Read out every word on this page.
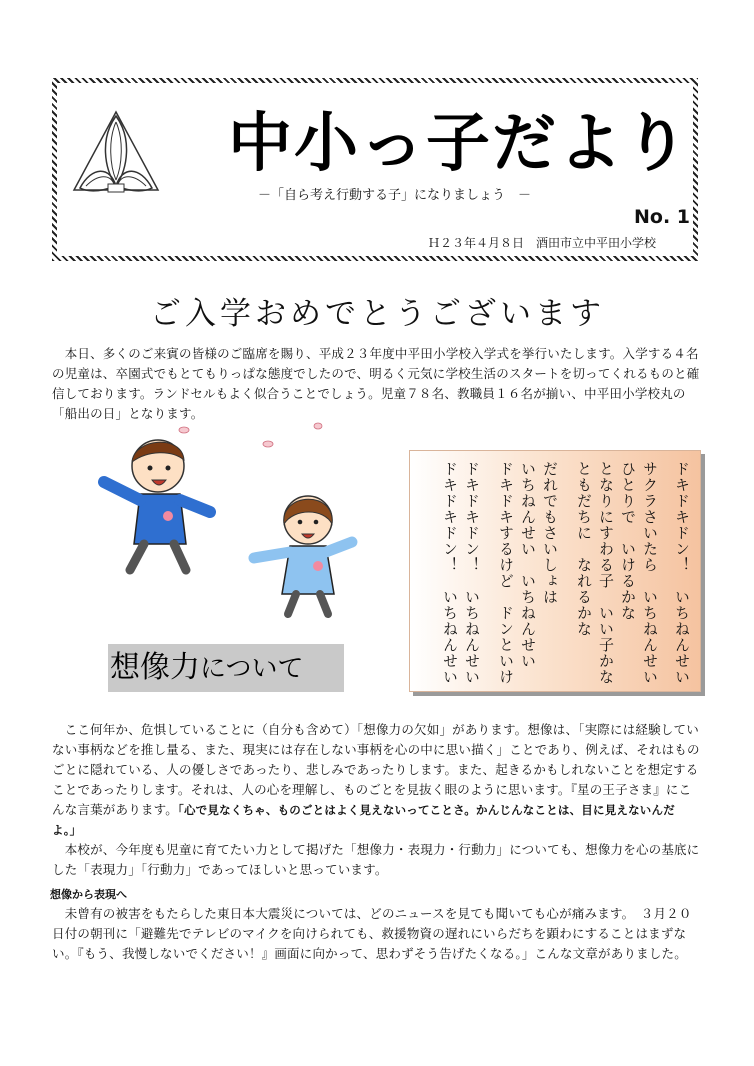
中小っ子だより
－「自ら考え行動する子」になりましょう　－
No. 1
Ｈ２３年４月８日　酒田市立中平田小学校
ご入学おめでとうございます
　本日、多くのご来賓の皆様のご臨席を賜り、平成２３年度中平田小学校入学式を挙行いたします。入学する４名の児童は、卒園式でもとてもりっぱな態度でしたので、明るく元気に学校生活のスタートを切ってくれるものと確信しております。ランドセルもよく似合うことでしょう。児童７８名、教職員１６名が揃い、中平田小学校丸の「船出の日」となります。
想像力について	ドキドキドン！　いちねんせい
サクラさいたら　いちねんせい
ひとりで　いけるかな
となりにすわる子　いい子かな
ともだちに　なれるかな
だれでもさいしょは
いちねんせい　いちねんせい
ドキドキするけど　ドンといけ
ドキドキドン！　いちねんせい
ドキドキドン！　いちねんせい
　ここ何年か、危惧していることに（自分も含めて）「想像力の欠如」があります。想像は、「実際には経験していない事柄などを推し量る、また、現実には存在しない事柄を心の中に思い描く」ことであり、例えば、それはものごとに隠れている、人の優しさであったり、悲しみであったりします。また、起きるかもしれないことを想定することであったりします。それは、人の心を理解し、ものごとを見抜く眼のように思います。『星の王子さま』にこんな言葉があります。「心で見なくちゃ、ものごとはよく見えないってことさ。かんじんなことは、目に見えないんだよ。」
　本校が、今年度も児童に育てたい力として掲げた「想像力・表現力・行動力」についても、想像力を心の基底にした「表現力」「行動力」であってほしいと思っています。
想像から表現へ
　未曾有の被害をもたらした東日本大震災については、どのニュースを見ても聞いても心が痛みます。　３月２０日付の朝刊に「避難先でテレビのマイクを向けられても、救援物資の遅れにいらだちを顕わにすることはまずない。『もう、我慢しないでください！』画面に向かって、思わずそう告げたくなる。」こんな文章がありました。
